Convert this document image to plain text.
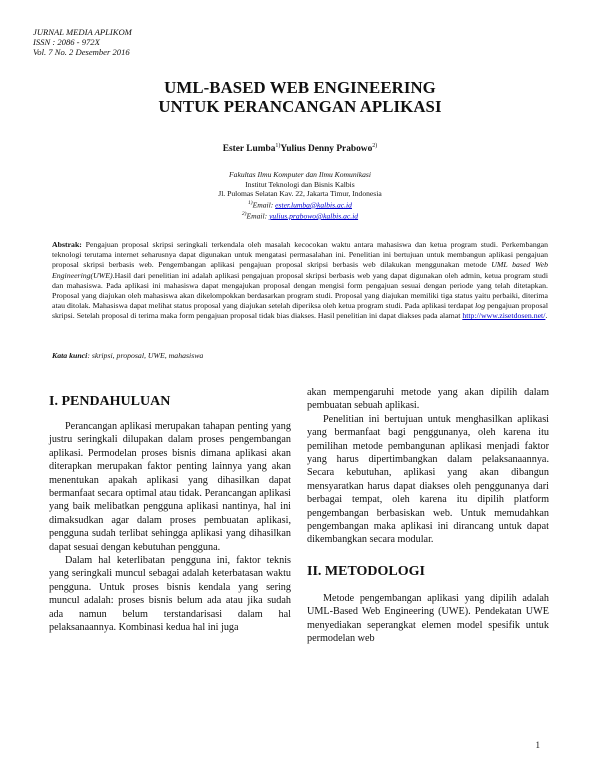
JURNAL MEDIA APLIKOM
ISSN : 2086 - 972X
Vol. 7 No. 2 Desember 2016
UML-BASED WEB ENGINEERING
UNTUK PERANCANGAN APLIKASI
Ester Lumba$^{1)}$Yulius Denny Prabowo$^{2)}$
Fakultas Ilmu Komputer dan Ilmu Komunikasi
Institut Teknologi dan Bisnis Kalbis
Jl. Pulomas Selatan Kav. 22, Jakarta Timur, Indonesia
$^{1)}$Email: ester.lumba@kalbis.ac.id
$^{2)}$Email: yulius.prabowo@kalbis.ac.id
Abstrak: Pengajuan proposal skripsi seringkali terkendala oleh masalah kecocokan waktu antara mahasiswa dan ketua program studi. Perkembangan teknologi terutama internet seharusnya dapat digunakan untuk mengatasi permasalahan ini. Penelitian ini bertujuan untuk membangun aplikasi pengajuan proposal skripsi berbasis web. Pengembangan aplikasi pengajuan proposal skripsi berbasis web dilakukan menggunakan metode UML based Web Engineering(UWE).Hasil dari penelitian ini adalah aplikasi pengajuan proposal skripsi berbasis web yang dapat digunakan oleh admin, ketua program studi dan mahasiswa. Pada aplikasi ini mahasiswa dapat mengajukan proposal dengan mengisi form pengajuan sesuai dengan periode yang telah ditetapkan. Proposal yang diajukan oleh mahasiswa akan dikelompokkan berdasarkan program studi. Proposal yang diajukan memiliki tiga status yaitu perbaiki, diterima atau ditolak. Mahasiswa dapat melihat status proposal yang diajukan setelah diperiksa oleh ketua program studi. Pada aplikasi terdapat log pengajuan proposal skripsi. Setelah proposal di terima maka form pengajuan proposal tidak bias diakses. Hasil penelitian ini dapat diakses pada alamat http://www.zisetdosen.net/.
Kata kunci: skripsi, proposal, UWE, mahasiswa
I. PENDAHULUAN

Perancangan aplikasi merupakan tahapan penting yang justru seringkali dilupakan dalam proses pengembangan aplikasi. Permodelan proses bisnis dimana aplikasi akan diterapkan merupakan faktor penting lainnya yang akan menentukan apakah aplikasi yang dihasilkan dapat bermanfaat secara optimal atau tidak. Perancangan aplikasi yang baik melibatkan pengguna aplikasi nantinya, hal ini dimaksudkan agar dalam proses pembuatan aplikasi, pengguna sudah terlibat sehingga aplikasi yang dihasilkan dapat sesuai dengan kebutuhan pengguna.

Dalam hal keterlibatan pengguna ini, faktor teknis yang seringkali muncul sebagai adalah keterbatasan waktu pengguna. Untuk proses bisnis kendala yang sering muncul adalah: proses bisnis belum ada atau jika sudah ada namun belum terstandarisasi dalam hal pelaksanaannya. Kombinasi kedua hal ini juga

akan mempengaruhi metode yang akan dipilih dalam pembuatan sebuah aplikasi.

Penelitian ini bertujuan untuk menghasilkan aplikasi yang bermanfaat bagi penggunanya, oleh karena itu pemilihan metode pembangunan aplikasi menjadi faktor yang harus dipertimbangkan dalam pelaksanaannya. Secara kebutuhan, aplikasi yang akan dibangun mensyaratkan harus dapat diakses oleh penggunanya dari berbagai tempat, oleh karena itu dipilih platform pengembangan berbasiskan web. Untuk memudahkan pengembangan maka aplikasi ini dirancang untuk dapat dikembangkan secara modular.

II. METODOLOGI

Metode pengembangan aplikasi yang dipilih adalah UML-Based Web Engineering (UWE). Pendekatan UWE menyediakan seperangkat elemen model spesifik untuk permodelan web

1
